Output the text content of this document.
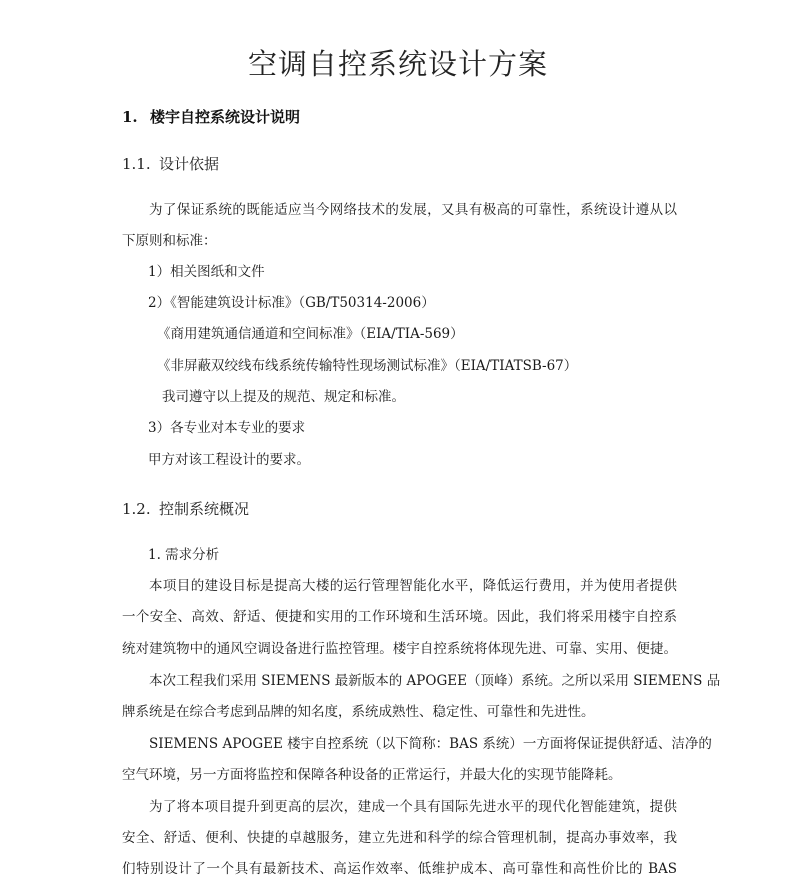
空调自控系统设计方案
1. 楼宇自控系统设计说明
1.1. 设计依据
为了保证系统的既能适应当今网络技术的发展，又具有极高的可靠性，系统设计遵从以
下原则和标准：
1）相关图纸和文件
2）《智能建筑设计标准》（GB/T50314-2006）
《商用建筑通信通道和空间标准》（EIA/TIA-569）
《非屏蔽双绞线布线系统传输特性现场测试标准》（EIA/TIATSB-67）
我司遵守以上提及的规范、规定和标准。
3）各专业对本专业的要求
甲方对该工程设计的要求。
1.2. 控制系统概况
1. 需求分析
本项目的建设目标是提高大楼的运行管理智能化水平，降低运行费用，并为使用者提供
一个安全、高效、舒适、便捷和实用的工作环境和生活环境。因此，我们将采用楼宇自控系
统对建筑物中的通风空调设备进行监控管理。楼宇自控系统将体现先进、可靠、实用、便捷。
本次工程我们采用 SIEMENS 最新版本的 APOGEE（顶峰）系统。之所以采用 SIEMENS 品
牌系统是在综合考虑到品牌的知名度，系统成熟性、稳定性、可靠性和先进性。
SIEMENS APOGEE 楼宇自控系统（以下简称：BAS 系统）一方面将保证提供舒适、洁净的
空气环境，另一方面将监控和保障各种设备的正常运行，并最大化的实现节能降耗。
为了将本项目提升到更高的层次，建成一个具有国际先进水平的现代化智能建筑，提供
安全、舒适、便利、快捷的卓越服务，建立先进和科学的综合管理机制，提高办事效率，我
们特别设计了一个具有最新技术、高运作效率、低维护成本、高可靠性和高性价比的 BAS
